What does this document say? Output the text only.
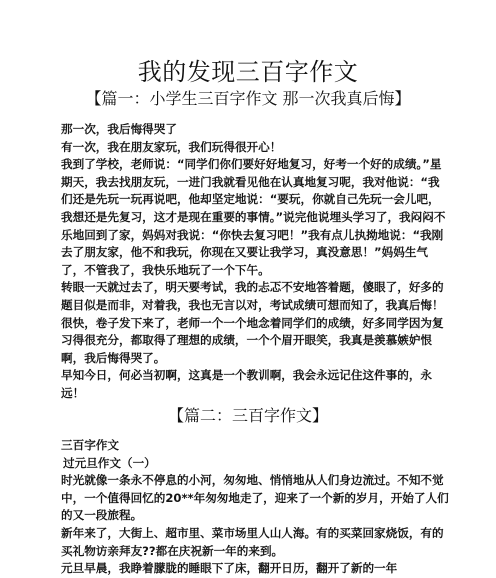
我的发现三百字作文
【篇一：小学生三百字作文 那一次我真后悔】

那一次，我后悔得哭了

有一次，我在朋友家玩，我们玩得很开心！

我到了学校，老师说：“同学们你们要好好地复习，好考一个好的成绩。”星期天，我去找朋友玩，一进门我就看见他在认真地复习呢，我对他说：“我们还是先玩一玩再说吧，他却坚定地说：“要玩，你就自己先玩一会儿吧，我想还是先复习，这才是现在重要的事情。”说完他说埋头学习了，我闷闷不乐地回到了家，妈妈对我说：“你快去复习吧！”我有点儿执拗地说：“我刚去了朋友家，他不和我玩，你现在又要让我学习，真没意思！”妈妈生气了，不管我了，我快乐地玩了一个下午。

转眼一天就过去了，明天要考试，我的忐忑不安地答着题，傻眼了，好多的题目似是而非，对着我，我也无言以对，考试成绩可想而知了，我真后悔！

很快，卷子发下来了，老师一个一个地念着同学们的成绩，好多同学因为复习得很充分，都取得了理想的成绩，一个个眉开眼笑，我真是羡慕嫉妒恨啊，我后悔得哭了。

早知今日，何必当初啊，这真是一个教训啊，我会永远记住这件事的，永远！

【篇二：三百字作文】

三百字作文

过元旦作文（一）

时光就像一条永不停息的小河，匆匆地、悄悄地从人们身边流过。不知不觉中，一个值得回忆的20**年匆匆地走了，迎来了一个新的岁月，开始了人们的又一段旅程。

新年来了，大街上、超市里、菜市场里人山人海。有的买菜回家烧饭，有的买礼物访亲拜友??都在庆祝新一年的来到。

元旦早晨，我睁着朦胧的睡眼下了床，翻开日历，翻开了新的一年
